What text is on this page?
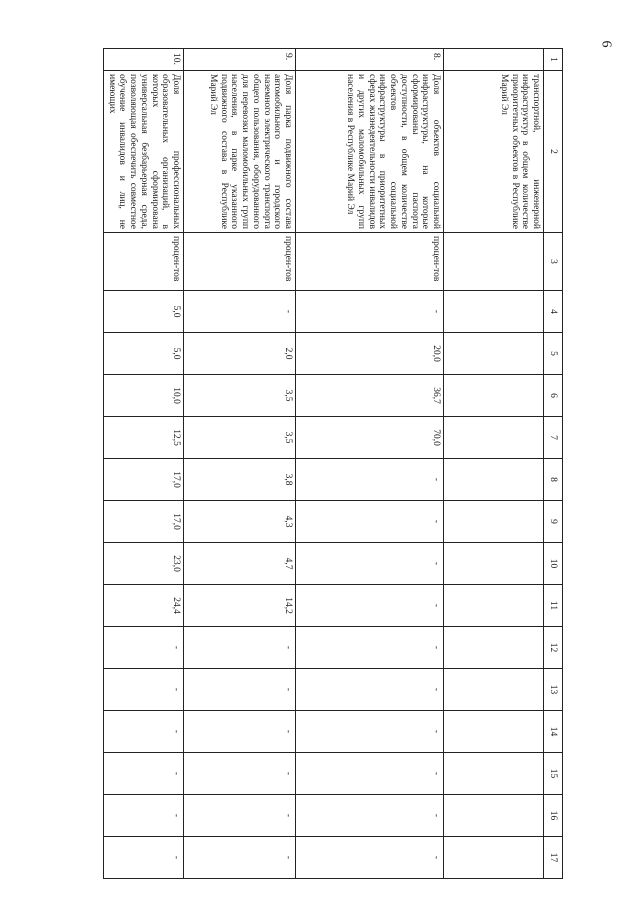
6
1	2	3	4	5	6	7	8	9	10	11	12	13	14	15	16	17
	транспортной, инженерной инфраструктур в общем количестве приоритетных объектов в Республике Марий Эл															
8.	Доля объектов социальной инфраструктуры, на которые сформированы паспорта доступности, в общем количестве объектов социальной инфраструктуры в приоритетных сферах жизнедеятельности инвалидов и других маломобильных групп населения в Республике Марий Эл	процен-тов	-	20,0	36,7	70,0	-	-	-	-	-	-	-	-	-	-
9.	Доля парка подвижного состава автомобильного и городского наземного электрического транспорта общего пользования, оборудованного для перевозки маломобильных групп населения, в парке указанного подвижного состава в Республике Марий Эл	процен-тов	-	2,0	3,5	3,5	3,8	4,3	4,7	14,2	-	-	-	-	-	-
10.	Доля профессиональных образовательных организаций, в которых сформирована универсальная безбарьерная среда, позволяющая обеспечить совместное обучение инвалидов и лиц, не имеющих	процен-тов	5,0	5,0	10,0	12,5	17,0	17,0	23,0	24,4	-	-	-	-	-	-
